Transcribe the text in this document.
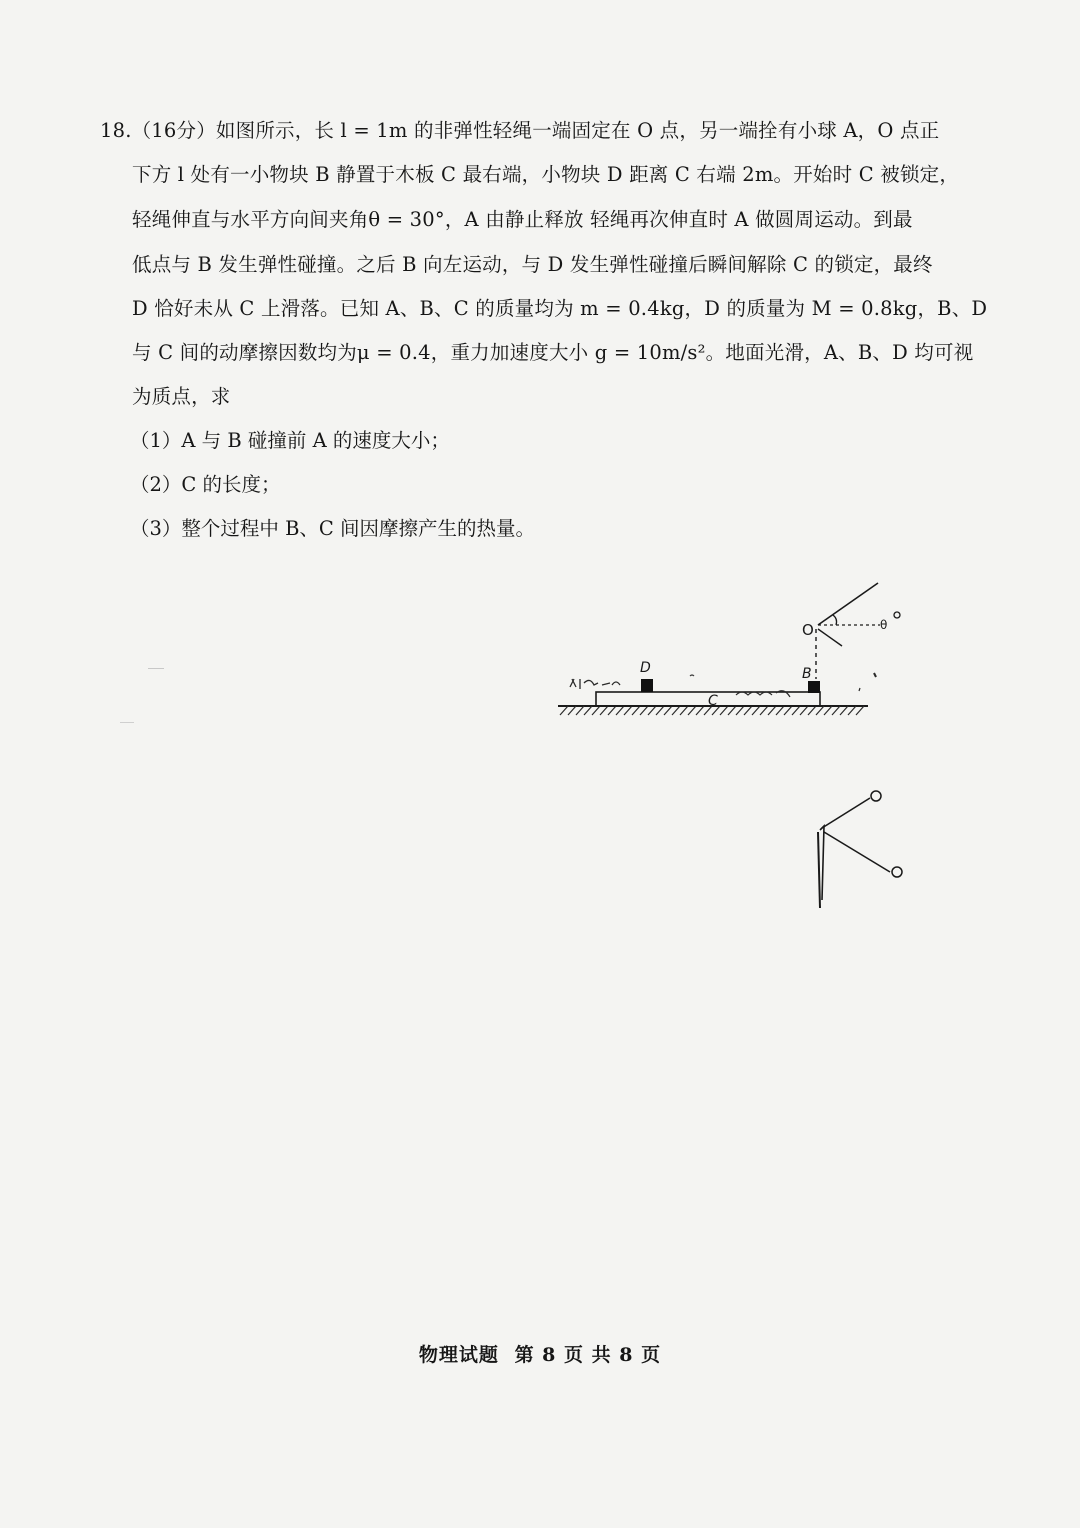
18.（16分）如图所示，长 l = 1m 的非弹性轻绳一端固定在 O 点，另一端拴有小球 A，O 点正
下方 l 处有一小物块 B 静置于木板 C 最右端，小物块 D 距离 C 右端 2m。开始时 C 被锁定，
轻绳伸直与水平方向间夹角θ = 30°，A 由静止释放 轻绳再次伸直时 A 做圆周运动。到最
低点与 B 发生弹性碰撞。之后 B 向左运动，与 D 发生弹性碰撞后瞬间解除 C 的锁定，最终
D 恰好未从 C 上滑落。已知 A、B、C 的质量均为 m = 0.4kg，D 的质量为 M = 0.8kg，B、D
与 C 间的动摩擦因数均为μ = 0.4，重力加速度大小 g = 10m/s²。地面光滑，A、B、D 均可视
为质点，求
（1）A 与 B 碰撞前 A 的速度大小；
（2）C 的长度；
（3）整个过程中 B、C 间因摩擦产生的热量。
C
D	B
O	θ
物理试题 第 8 页 共 8 页
